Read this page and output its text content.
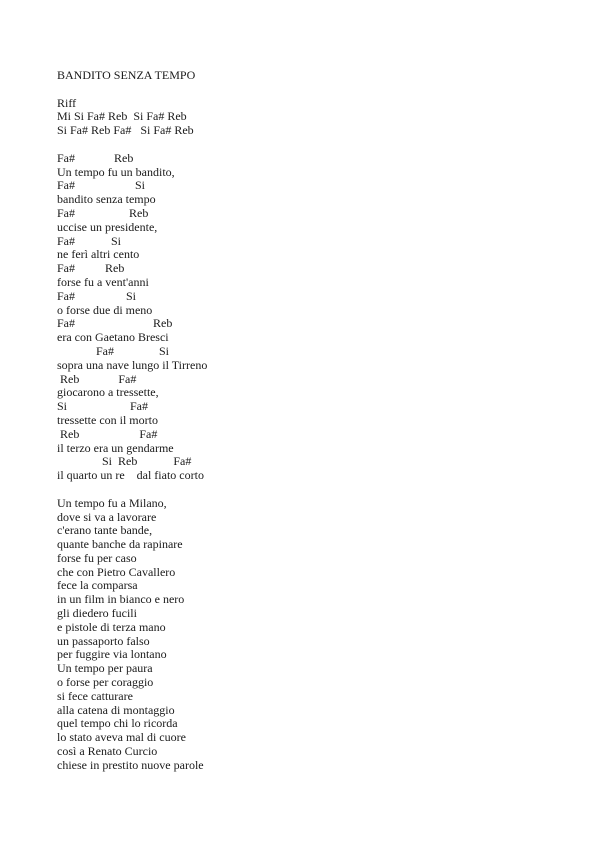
BANDITO SENZA TEMPO
Riff
Mi Si Fa# Reb  Si Fa# Reb
Si Fa# Reb Fa#   Si Fa# Reb
Fa#             Reb
Un tempo fu un bandito,
Fa#                    Si
bandito senza tempo
Fa#                  Reb
uccise un presidente,
Fa#            Si
ne ferì altri cento
Fa#          Reb
forse fu a vent'anni
Fa#                 Si
o forse due di meno
Fa#                          Reb
era con Gaetano Bresci
Fa#               Si
sopra una nave lungo il Tirreno
Reb             Fa#
giocarono a tressette,
Si                     Fa#
tressette con il morto
Reb                    Fa#
il terzo era un gendarme
Si  Reb            Fa#
il quarto un re    dal fiato corto
Un tempo fu a Milano,
dove si va a lavorare
c'erano tante bande,
quante banche da rapinare
forse fu per caso
che con Pietro Cavallero
fece la comparsa
in un film in bianco e nero
gli diedero fucili
e pistole di terza mano
un passaporto falso
per fuggire via lontano
Un tempo per paura
o forse per coraggio
si fece catturare
alla catena di montaggio
quel tempo chi lo ricorda
lo stato aveva mal di cuore
così a Renato Curcio
chiese in prestito nuove parole
